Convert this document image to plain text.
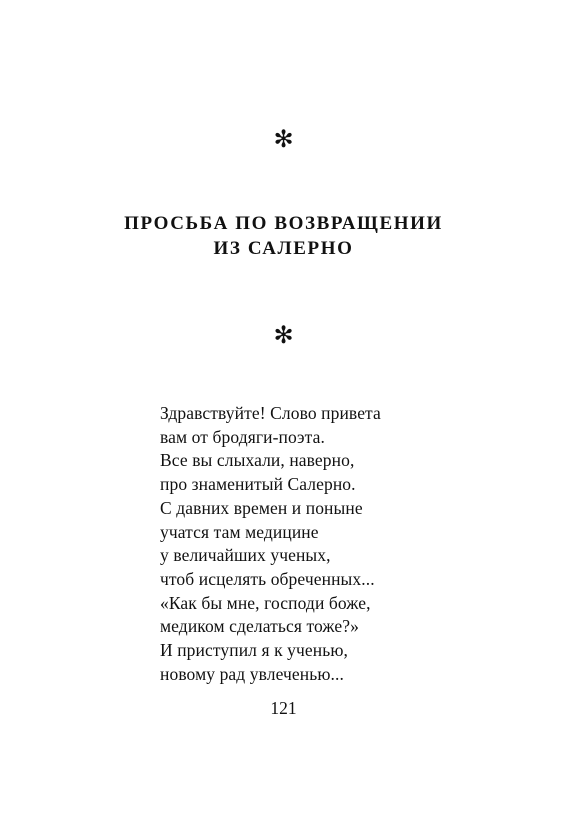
✻
ПРОСЬБА ПО ВОЗВРАЩЕНИИ
ИЗ САЛЕРНО
✻
Здравствуйте! Слово привета
вам от бродяги-поэта.
Все вы слыхали, наверно,
про знаменитый Салерно.
С давних времен и поныне
учатся там медицине
у величайших ученых,
чтоб исцелять обреченных...
«Как бы мне, господи боже,
медиком сделаться тоже?»
И приступил я к ученью,
новому рад увлеченью...
121
